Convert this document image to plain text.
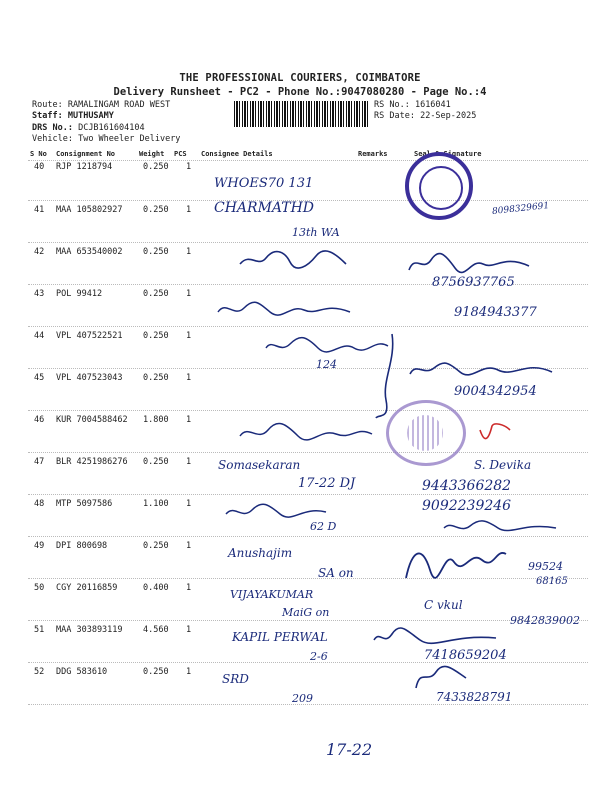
THE PROFESSIONAL COURIERS, COIMBATORE
Delivery Runsheet - PC2 - Phone No.:9047080280 - Page No.:4
Route: RAMALINGAM ROAD WEST
Staff: MUTHUSAMY
DRS No.: DCJB161604104
Vehicle: Two Wheeler Delivery
RS No.: 1616041
RS Date: 22-Sep-2025
S No Consignment No	Weight PCS Consignee Details	Remarks	Seal & Signature
40 RJP 1218794	0.250 1
41 MAA 105802927 0.250 1
42 MAA 653540002 0.250 1
43 POL 99412	0.250 1
44 VPL 407522521 0.250 1
45 VPL 407523043 0.250 1
46 KUR 7004588462 1.800 1
47 BLR 4251986276 0.250 1
48 MTP 5097586	1.100 1
49 DPI 800698	0.250 1
50 CGY 20116859	0.400 1
51 MAA 303893119 4.560 1
52 DDG 583610	0.250 1
WHOES70 131
CHARMATHD
13th WA
8098329691
8756937765
9184943377
124
9004342954
Somasekaran
17-22 DJ
S. Devika
9443366282
9092239246
62 D
Anushajim
SA on	99524
68165
VIJAYAKUMAR
MaiG on
C vkul
9842839002
KAPIL PERWAL
2-6	7418659204
SRD
209	7433828791
17-22
